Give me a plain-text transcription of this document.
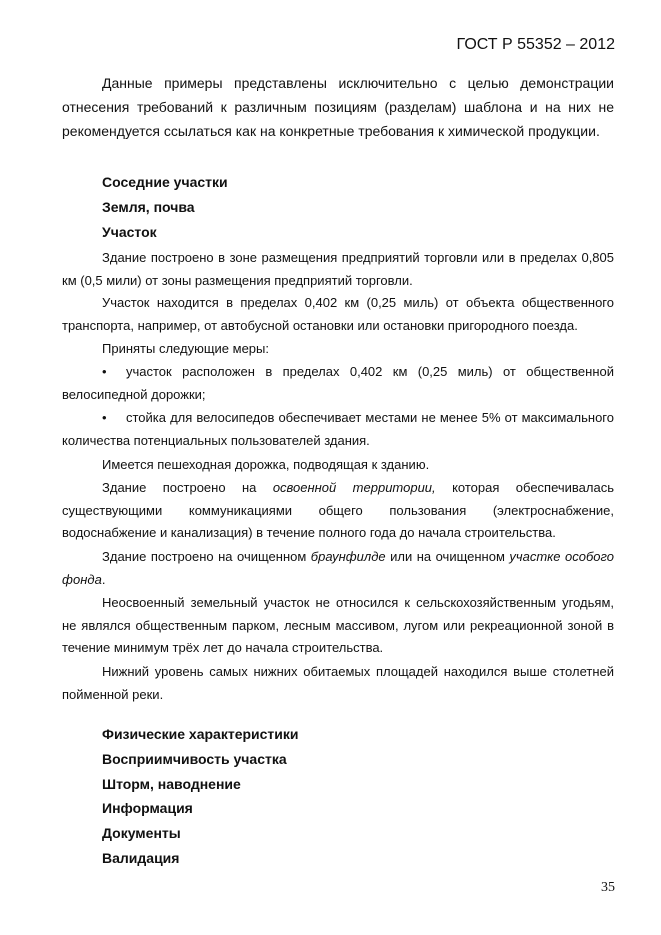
ГОСТ Р 55352 – 2012
Данные примеры представлены исключительно с целью демонстрации отнесения требований к различным позициям (разделам) шаблона и на них не рекомендуется ссылаться как на конкретные требования к химической продукции.
Соседние участки
Земля, почва
Участок
Здание построено в зоне размещения предприятий торговли или в пределах 0,805 км (0,5 мили) от зоны размещения предприятий торговли.
Участок находится в пределах 0,402 км (0,25 миль) от объекта общественного транспорта, например, от автобусной остановки или остановки пригородного поезда.
Приняты следующие меры:
• участок расположен в пределах 0,402 км (0,25 миль) от общественной велосипедной дорожки;
• стойка для велосипедов обеспечивает местами не менее 5% от максимального количества потенциальных пользователей здания.
Имеется пешеходная дорожка, подводящая к зданию.
Здание построено на освоенной территории, которая обеспечивалась существующими коммуникациями общего пользования (электроснабжение, водоснабжение и канализация) в течение полного года до начала строительства.
Здание построено на очищенном браунфилде или на очищенном участке особого фонда.
Неосвоенный земельный участок не относился к сельскохозяйственным угодьям, не являлся общественным парком, лесным массивом, лугом или рекреационной зоной в течение минимум трёх лет до начала строительства.
Нижний уровень самых нижних обитаемых площадей находился выше столетней пойменной реки.
Физические характеристики
Восприимчивость участка
Шторм, наводнение
Информация
Документы
Валидация
35
